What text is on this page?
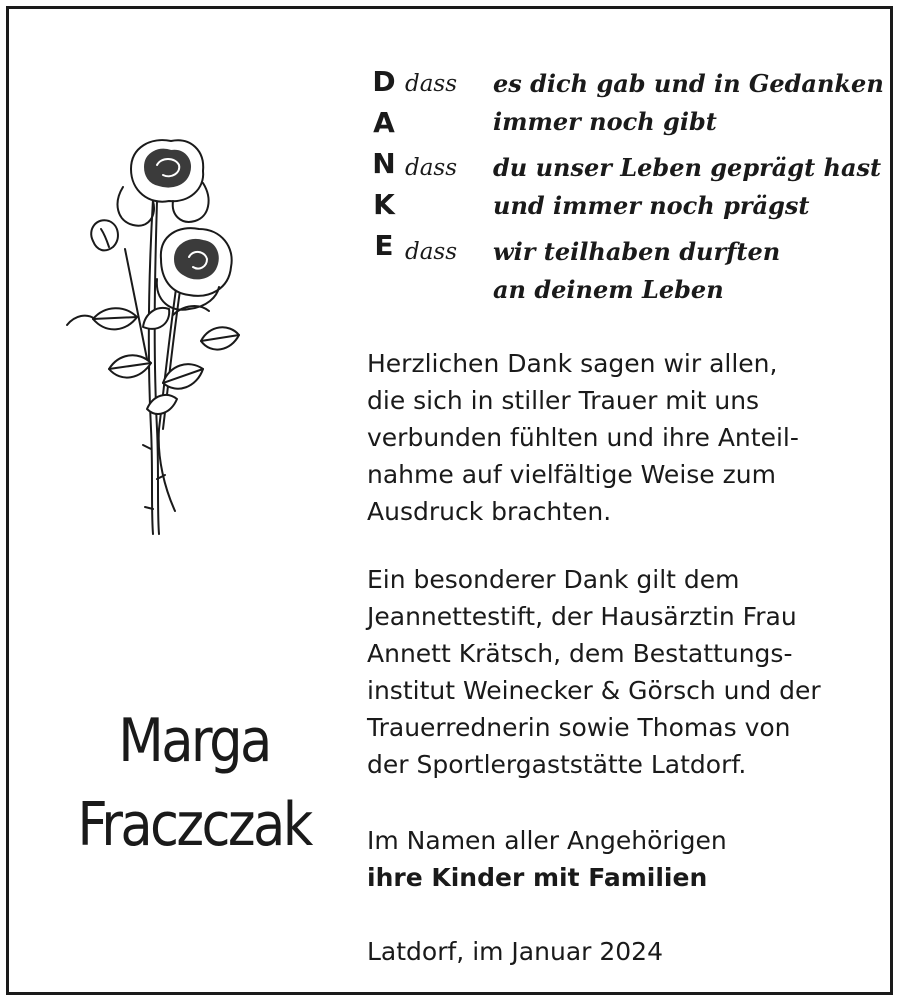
D
A
N
K
E
dass es dich gab und in Gedanken
immer noch gibt
dass du unser Leben geprägt hast
und immer noch prägst
dass wir teilhaben durften
an deinem Leben
Herzlichen Dank sagen wir allen,
die sich in stiller Trauer mit uns
verbunden fühlten und ihre Anteil-
nahme auf vielfältige Weise zum
Ausdruck brachten.
Ein besonderer Dank gilt dem
Jeannettestift, der Hausärztin Frau
Annett Krätsch, dem Bestattungs-
institut Weinecker & Görsch und der
Trauerrednerin sowie Thomas von
der Sportlergaststätte Latdorf.
Im Namen aller Angehörigen
ihre Kinder mit Familien
Latdorf, im Januar 2024
Marga
Fraczczak
